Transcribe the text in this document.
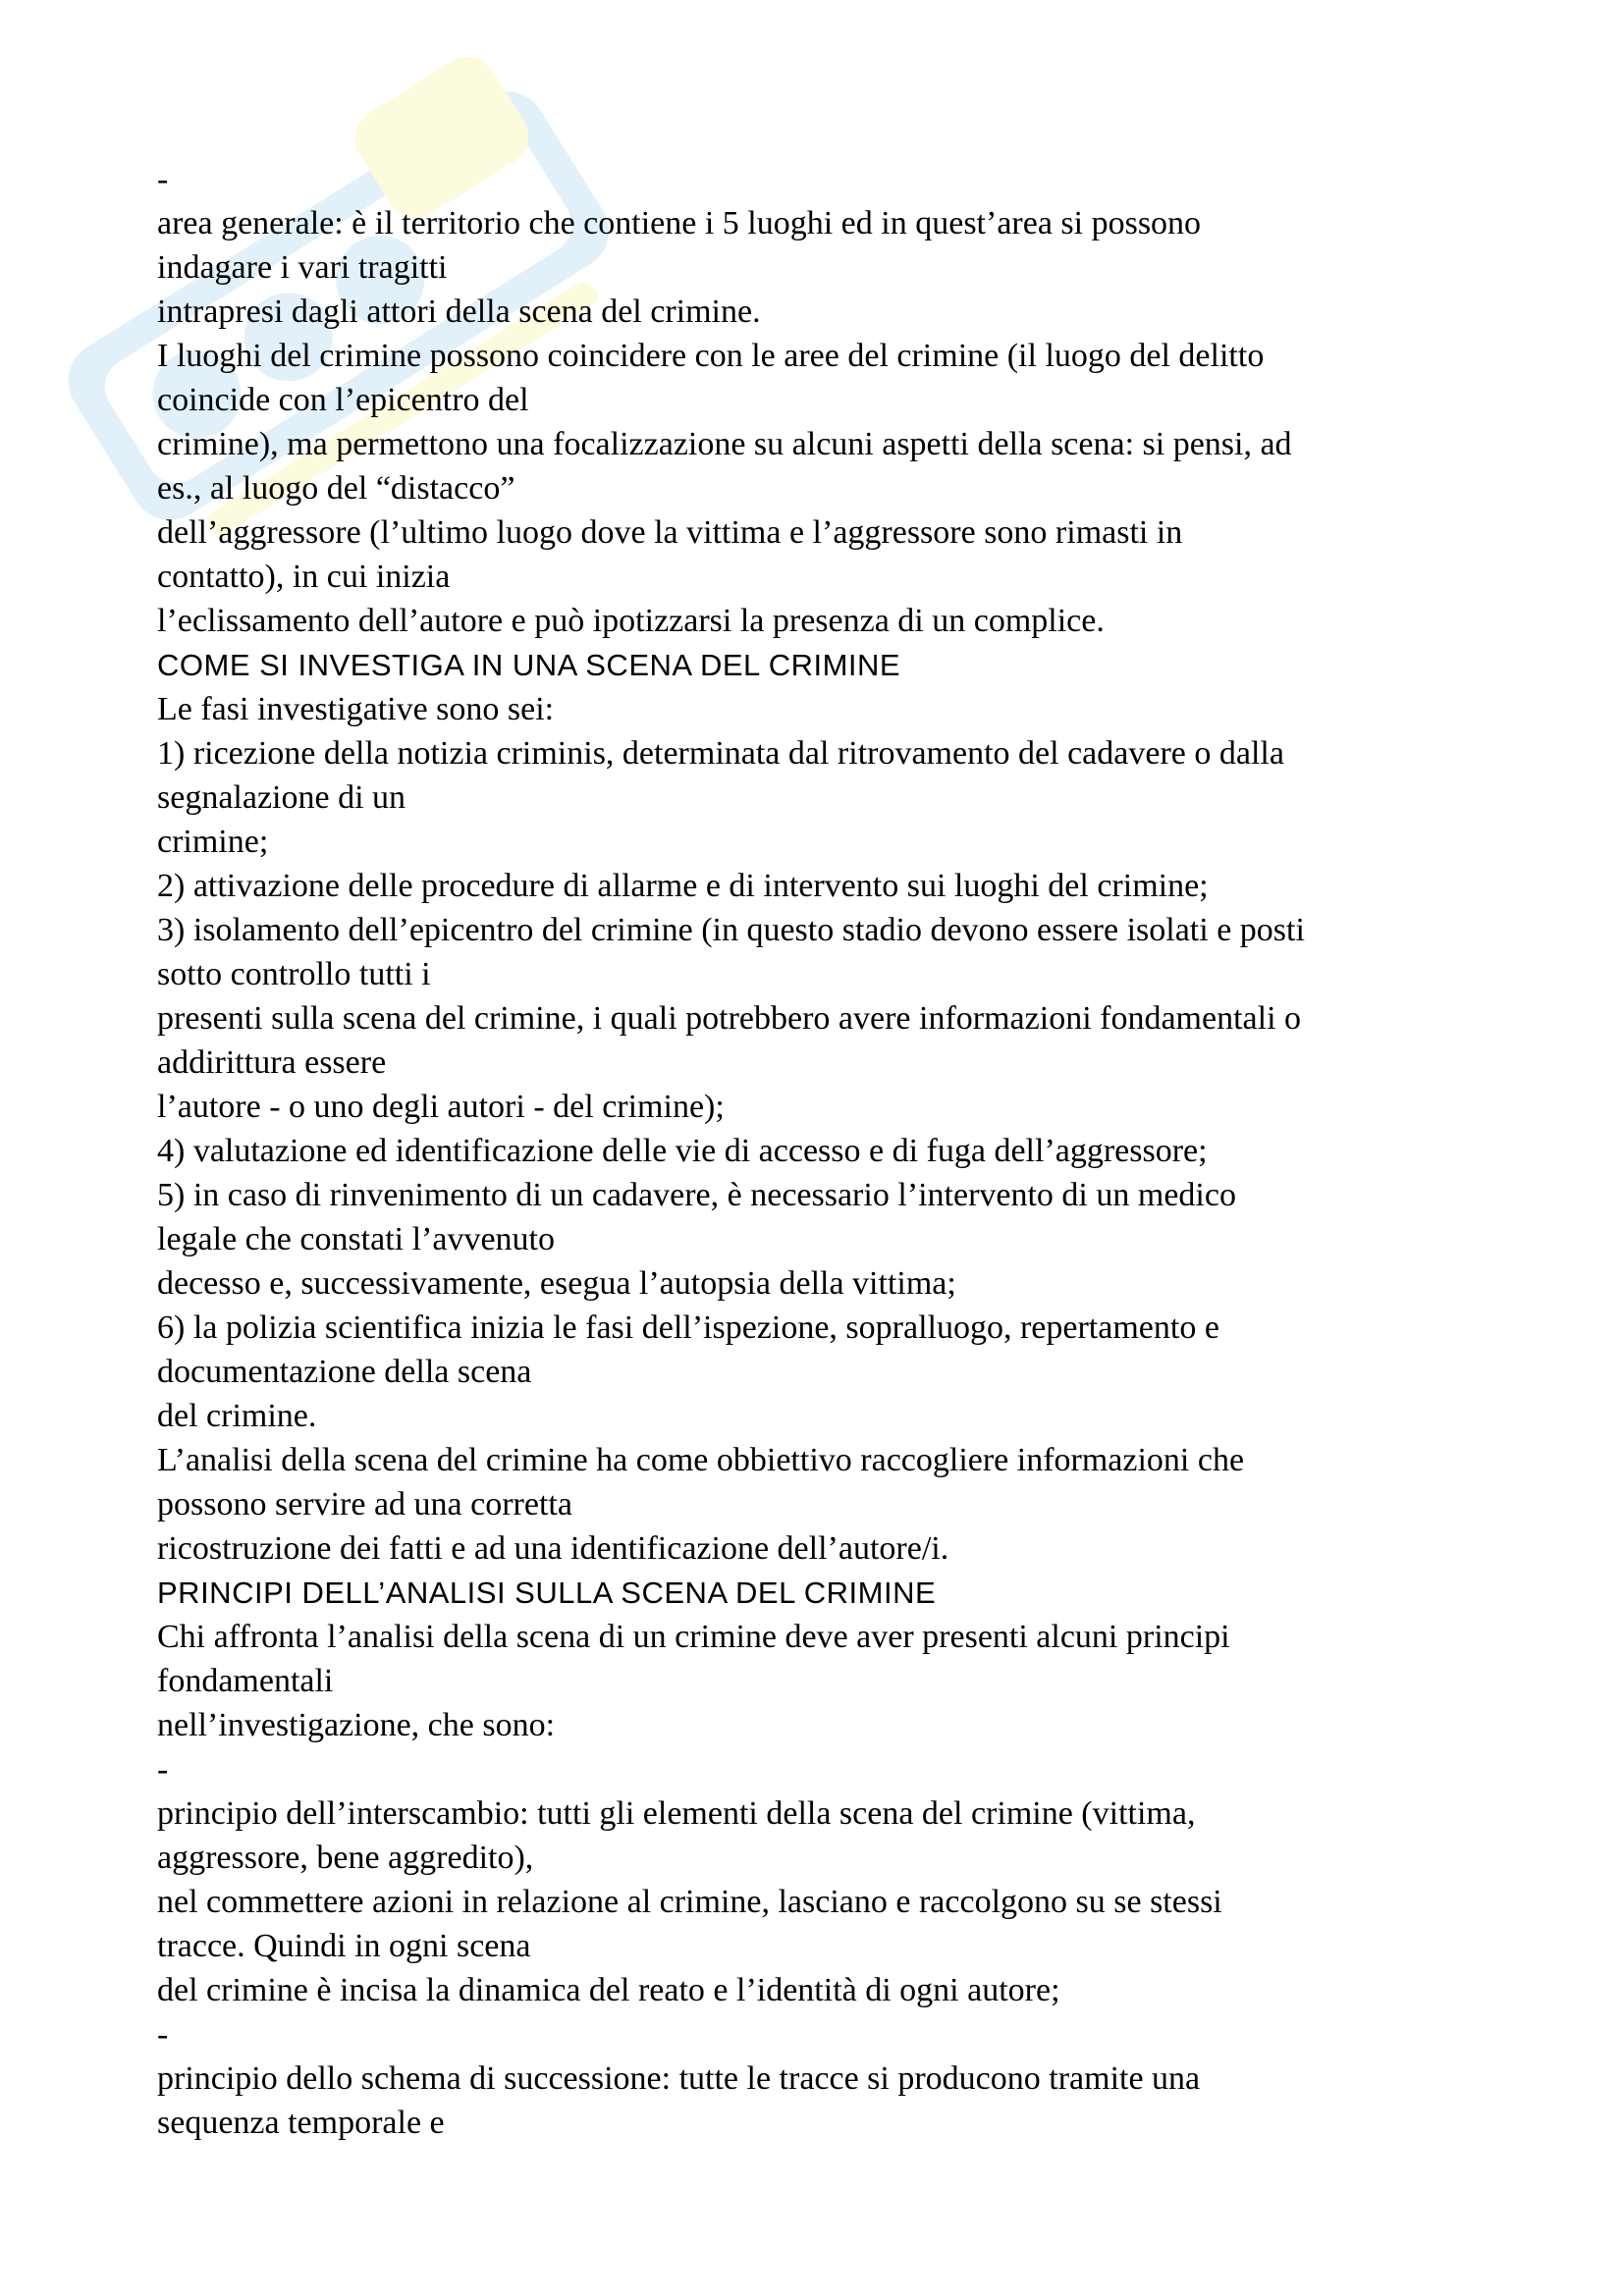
-
area generale: è il territorio che contiene i 5 luoghi ed in quest’area si possono
indagare i vari tragitti
intrapresi dagli attori della scena del crimine.
I luoghi del crimine possono coincidere con le aree del crimine (il luogo del delitto
coincide con l’epicentro del
crimine), ma permettono una focalizzazione su alcuni aspetti della scena: si pensi, ad
es., al luogo del “distacco”
dell’aggressore (l’ultimo luogo dove la vittima e l’aggressore sono rimasti in
contatto), in cui inizia
l’eclissamento dell’autore e può ipotizzarsi la presenza di un complice.
COME SI INVESTIGA IN UNA SCENA DEL CRIMINE
Le fasi investigative sono sei:
1) ricezione della notizia criminis, determinata dal ritrovamento del cadavere o dalla
segnalazione di un
crimine;
2) attivazione delle procedure di allarme e di intervento sui luoghi del crimine;
3) isolamento dell’epicentro del crimine (in questo stadio devono essere isolati e posti
sotto controllo tutti i
presenti sulla scena del crimine, i quali potrebbero avere informazioni fondamentali o
addirittura essere
l’autore - o uno degli autori - del crimine);
4) valutazione ed identificazione delle vie di accesso e di fuga dell’aggressore;
5) in caso di rinvenimento di un cadavere, è necessario l’intervento di un medico
legale che constati l’avvenuto
decesso e, successivamente, esegua l’autopsia della vittima;
6) la polizia scientifica inizia le fasi dell’ispezione, sopralluogo, repertamento e
documentazione della scena
del crimine.
L’analisi della scena del crimine ha come obbiettivo raccogliere informazioni che
possono servire ad una corretta
ricostruzione dei fatti e ad una identificazione dell’autore/i.
PRINCIPI DELL’ANALISI SULLA SCENA DEL CRIMINE
Chi affronta l’analisi della scena di un crimine deve aver presenti alcuni principi
fondamentali
nell’investigazione, che sono:
-
principio dell’interscambio: tutti gli elementi della scena del crimine (vittima,
aggressore, bene aggredito),
nel commettere azioni in relazione al crimine, lasciano e raccolgono su se stessi
tracce. Quindi in ogni scena
del crimine è incisa la dinamica del reato e l’identità di ogni autore;
-
principio dello schema di successione: tutte le tracce si producono tramite una
sequenza temporale e
